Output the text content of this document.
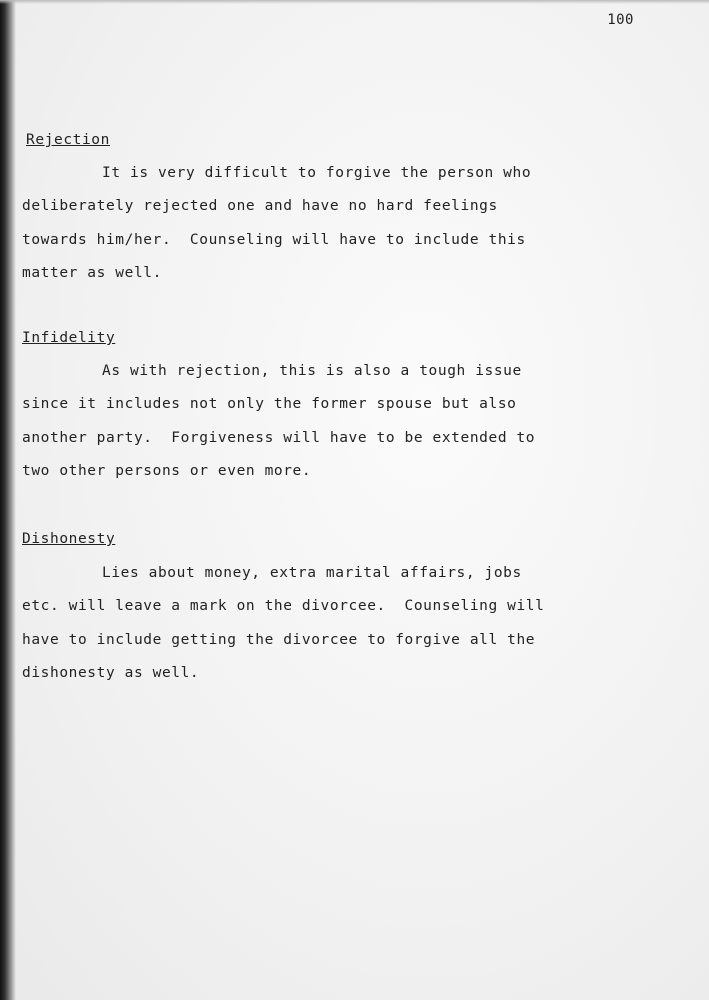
100
Rejection
It is very difficult to forgive the person who
deliberately rejected one and have no hard feelings
towards him/her.  Counseling will have to include this
matter as well.
Infidelity
As with rejection, this is also a tough issue
since it includes not only the former spouse but also
another party.  Forgiveness will have to be extended to
two other persons or even more.
Dishonesty
Lies about money, extra marital affairs, jobs
etc. will leave a mark on the divorcee.  Counseling will
have to include getting the divorcee to forgive all the
dishonesty as well.
